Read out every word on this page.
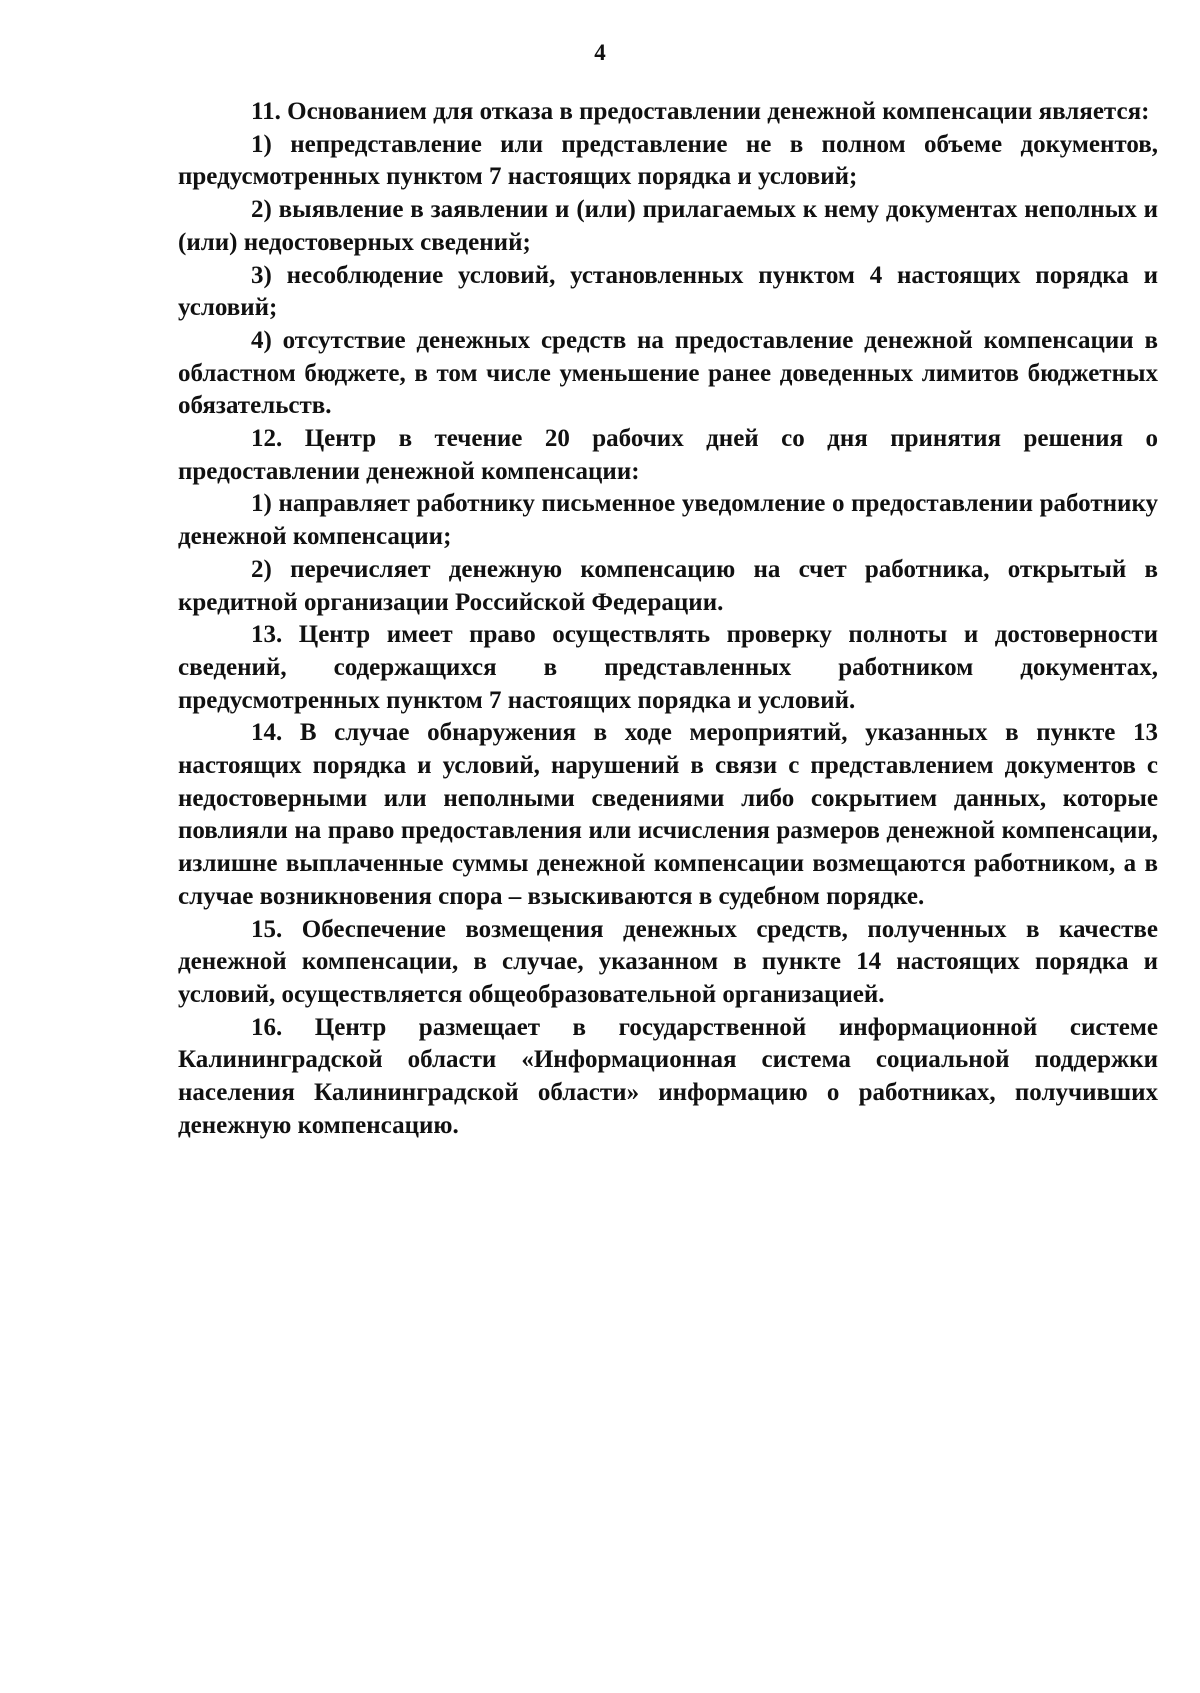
4

11. Основанием для отказа в предоставлении денежной компенсации является:

1) непредставление или представление не в полном объеме документов, предусмотренных пунктом 7 настоящих порядка и условий;

2) выявление в заявлении и (или) прилагаемых к нему документах неполных и (или) недостоверных сведений;

3) несоблюдение условий, установленных пунктом 4 настоящих порядка и условий;

4) отсутствие денежных средств на предоставление денежной компенсации в областном бюджете, в том числе уменьшение ранее доведенных лимитов бюджетных обязательств.

12. Центр в течение 20 рабочих дней со дня принятия решения о предоставлении денежной компенсации:

1) направляет работнику письменное уведомление о предоставлении работнику денежной компенсации;

2) перечисляет денежную компенсацию на счет работника, открытый в кредитной организации Российской Федерации.

13. Центр имеет право осуществлять проверку полноты и достоверности сведений, содержащихся в представленных работником документах, предусмотренных пунктом 7 настоящих порядка и условий.

14. В случае обнаружения в ходе мероприятий, указанных в пункте 13 настоящих порядка и условий, нарушений в связи с представлением документов с недостоверными или неполными сведениями либо сокрытием данных, которые повлияли на право предоставления или исчисления размеров денежной компенсации, излишне выплаченные суммы денежной компенсации возмещаются работником, а в случае возникновения спора – взыскиваются в судебном порядке.

15. Обеспечение возмещения денежных средств, полученных в качестве денежной компенсации, в случае, указанном в пункте 14 настоящих порядка и условий, осуществляется общеобразовательной организацией.

16. Центр размещает в государственной информационной системе Калининградской области «Информационная система социальной поддержки населения Калининградской области» информацию о работниках, получивших денежную компенсацию.
